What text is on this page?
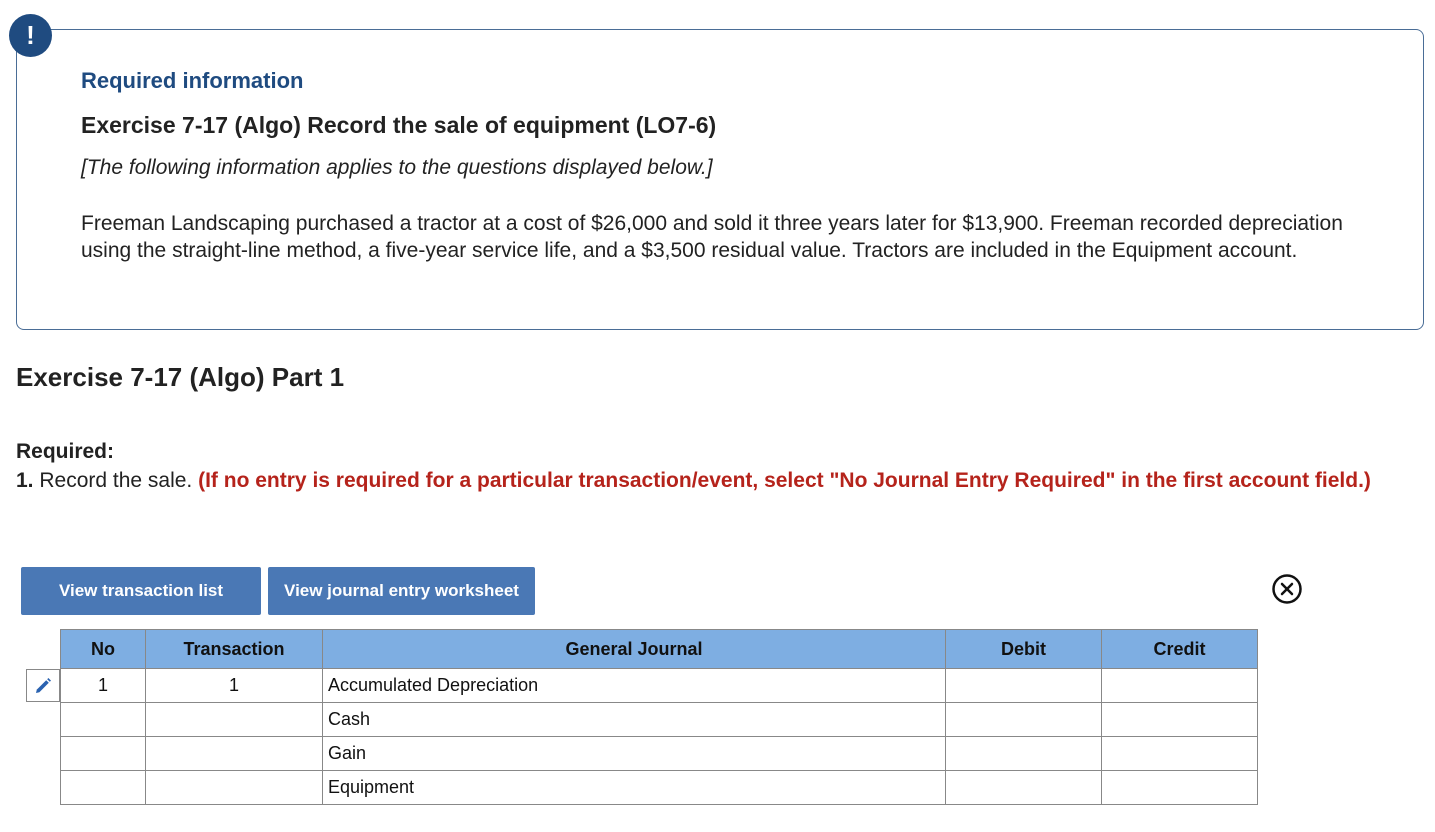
!
Required information
Exercise 7-17 (Algo) Record the sale of equipment (LO7-6)
[The following information applies to the questions displayed below.]
Freeman Landscaping purchased a tractor at a cost of $26,000 and sold it three years later for $13,900. Freeman recorded depreciation using the straight-line method, a five-year service life, and a $3,500 residual value. Tractors are included in the Equipment account.
Exercise 7-17 (Algo) Part 1
Required:
1. Record the sale. (If no entry is required for a particular transaction/event, select "No Journal Entry Required" in the first account field.)
View transaction list	View journal entry worksheet
No	Transaction	General Journal	Debit	Credit
1	1	Accumulated Depreciation		
		Cash		
		Gain		
		Equipment		
